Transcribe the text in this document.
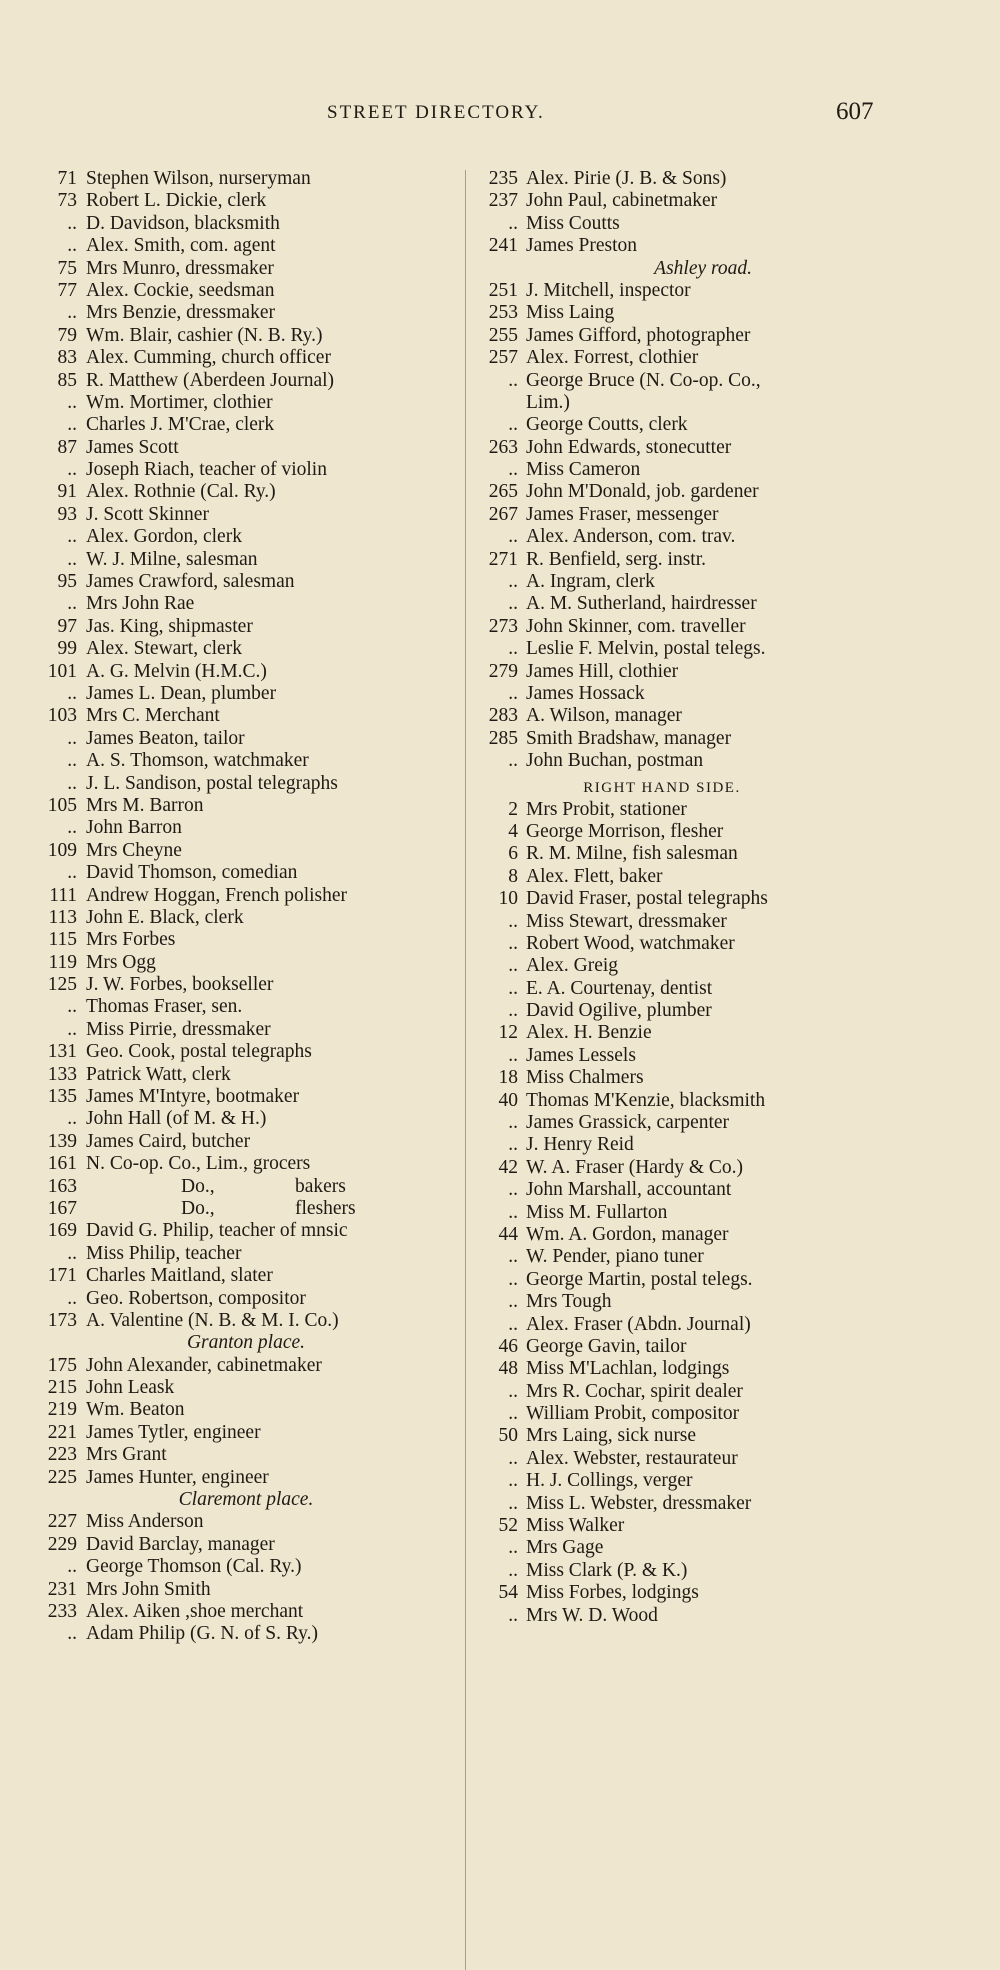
STREET DIRECTORY.	607
71 Stephen Wilson, nurseryman
73 Robert L. Dickie, clerk
.. D. Davidson, blacksmith
.. Alex. Smith, com. agent
75 Mrs Munro, dressmaker
77 Alex. Cockie, seedsman
.. Mrs Benzie, dressmaker
79 Wm. Blair, cashier (N. B. Ry.)
83 Alex. Cumming, church officer
85 R. Matthew (Aberdeen Journal)
.. Wm. Mortimer, clothier
.. Charles J. M'Crae, clerk
87 James Scott
.. Joseph Riach, teacher of violin
91 Alex. Rothnie (Cal. Ry.)
93 J. Scott Skinner
.. Alex. Gordon, clerk
.. W. J. Milne, salesman
95 James Crawford, salesman
.. Mrs John Rae
97 Jas. King, shipmaster
99 Alex. Stewart, clerk
101 A. G. Melvin (H.M.C.)
.. James L. Dean, plumber
103 Mrs C. Merchant
.. James Beaton, tailor
.. A. S. Thomson, watchmaker
.. J. L. Sandison, postal telegraphs
105 Mrs M. Barron
.. John Barron
109 Mrs Cheyne
.. David Thomson, comedian
111 Andrew Hoggan, French polisher
113 John E. Black, clerk
115 Mrs Forbes
119 Mrs Ogg
125 J. W. Forbes, bookseller
.. Thomas Fraser, sen.
.. Miss Pirrie, dressmaker
131 Geo. Cook, postal telegraphs
133 Patrick Watt, clerk
135 James M'Intyre, bootmaker
.. John Hall (of M. & H.)
139 James Caird, butcher
161 N. Co-op. Co., Lim., grocers
163	Do.,	bakers
167	Do.,	fleshers
169 David G. Philip, teacher of mnsic
.. Miss Philip, teacher
171 Charles Maitland, slater
.. Geo. Robertson, compositor
173 A. Valentine (N. B. & M. I. Co.)
Granton place.
175 John Alexander, cabinetmaker
215 John Leask
219 Wm. Beaton
221 James Tytler, engineer
223 Mrs Grant
225 James Hunter, engineer
Claremont place.
227 Miss Anderson
229 David Barclay, manager
.. George Thomson (Cal. Ry.)
231 Mrs John Smith
233 Alex. Aiken ,shoe merchant
.. Adam Philip (G. N. of S. Ry.)
235 Alex. Pirie (J. B. & Sons)
237 John Paul, cabinetmaker
.. Miss Coutts
241 James Preston
Ashley road.
251 J. Mitchell, inspector
253 Miss Laing
255 James Gifford, photographer
257 Alex. Forrest, clothier
.. George Bruce (N. Co-op. Co.,
Lim.)
.. George Coutts, clerk
263 John Edwards, stonecutter
.. Miss Cameron
265 John M'Donald, job. gardener
267 James Fraser, messenger
.. Alex. Anderson, com. trav.
271 R. Benfield, serg. instr.
.. A. Ingram, clerk
.. A. M. Sutherland, hairdresser
273 John Skinner, com. traveller
.. Leslie F. Melvin, postal telegs.
279 James Hill, clothier
.. James Hossack
283 A. Wilson, manager
285 Smith Bradshaw, manager
.. John Buchan, postman
RIGHT HAND SIDE.
2 Mrs Probit, stationer
4 George Morrison, flesher
6 R. M. Milne, fish salesman
8 Alex. Flett, baker
10 David Fraser, postal telegraphs
.. Miss Stewart, dressmaker
.. Robert Wood, watchmaker
.. Alex. Greig
.. E. A. Courtenay, dentist
.. David Ogilive, plumber
12 Alex. H. Benzie
.. James Lessels
18 Miss Chalmers
40 Thomas M'Kenzie, blacksmith
.. James Grassick, carpenter
.. J. Henry Reid
42 W. A. Fraser (Hardy & Co.)
.. John Marshall, accountant
.. Miss M. Fullarton
44 Wm. A. Gordon, manager
.. W. Pender, piano tuner
.. George Martin, postal telegs.
.. Mrs Tough
.. Alex. Fraser (Abdn. Journal)
46 George Gavin, tailor
48 Miss M'Lachlan, lodgings
.. Mrs R. Cochar, spirit dealer
.. William Probit, compositor
50 Mrs Laing, sick nurse
.. Alex. Webster, restaurateur
.. H. J. Collings, verger
.. Miss L. Webster, dressmaker
52 Miss Walker
.. Mrs Gage
.. Miss Clark (P. & K.)
54 Miss Forbes, lodgings
.. Mrs W. D. Wood
